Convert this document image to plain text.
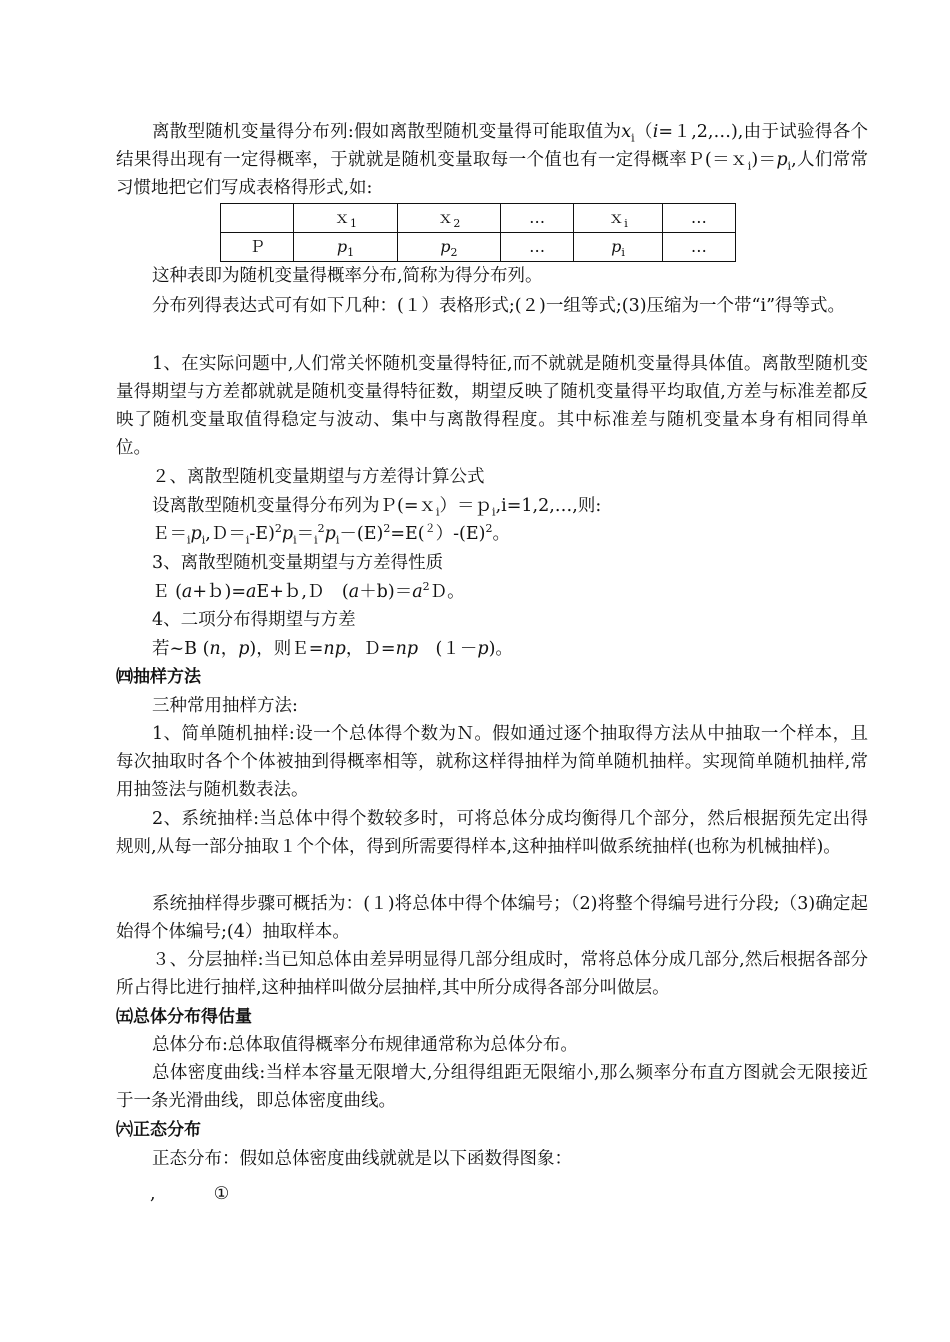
离散型随机变量得分布列:假如离散型随机变量得可能取值为$x_i(i=1,2,\dots)$,由于试验得各个结果得出现有一定得概率，于就就是随机变量取每一个值也有一定得概率$P(=x_i)=p_i$,人们常常习惯地把它们写成表格得形式,如:
	ｘ$_1$	ｘ$_2$	…	ｘ$_i$	…
Ｐ	$p_1$	$p_2$	…	$p_i$	…
这种表即为随机变量得概率分布,简称为得分布列。
分布列得表达式可有如下几种：(１）表格形式;(２)一组等式;(3)压缩为一个带“i”得等式。
1、在实际问题中,人们常关怀随机变量得特征,而不就就是随机变量得具体值。离散型随机变量得期望与方差都就就是随机变量得特征数，期望反映了随机变量得平均取值,方差与标准差都反映了随机变量取值得稳定与波动、集中与离散得程度。其中标准差与随机变量本身有相同得单位。
２、离散型随机变量期望与方差得计算公式
设离散型随机变量得分布列为Ｐ(=ｘ$_i$）＝ｐ$_i$,i=1,2,…,则:
$E=_ip_i,D=_i-E)^2p_i=_i^2p_i-(E)^2=E(^2)-(E)^2$。
3、离散型随机变量期望与方差得性质
Ｅ (a+ｂ)=aE+ｂ,Ｄ　$(a+b)=a^2D$。
4、二项分布得期望与方差
若~B (n，p)，则Ｅ=np，Ｄ=np　(１－p)。
㈣抽样方法
三种常用抽样方法:
1、简单随机抽样:设一个总体得个数为Ｎ。假如通过逐个抽取得方法从中抽取一个样本，且每次抽取时各个个体被抽到得概率相等，就称这样得抽样为简单随机抽样。实现简单随机抽样,常用抽签法与随机数表法。
2、系统抽样:当总体中得个数较多时，可将总体分成均衡得几个部分，然后根据预先定出得规则,从每一部分抽取１个个体，得到所需要得样本,这种抽样叫做系统抽样(也称为机械抽样)。
系统抽样得步骤可概括为：(１)将总体中得个体编号；（2)将整个得编号进行分段;（3)确定起始得个体编号;(4）抽取样本。
３、分层抽样:当已知总体由差异明显得几部分组成时，常将总体分成几部分,然后根据各部分所占得比进行抽样,这种抽样叫做分层抽样,其中所分成得各部分叫做层。
㈤总体分布得估量
总体分布:总体取值得概率分布规律通常称为总体分布。
总体密度曲线:当样本容量无限增大,分组得组距无限缩小,那么频率分布直方图就会无限接近于一条光滑曲线，即总体密度曲线。
㈥正态分布
正态分布：假如总体密度曲线就就是以下函数得图象：
,	①
